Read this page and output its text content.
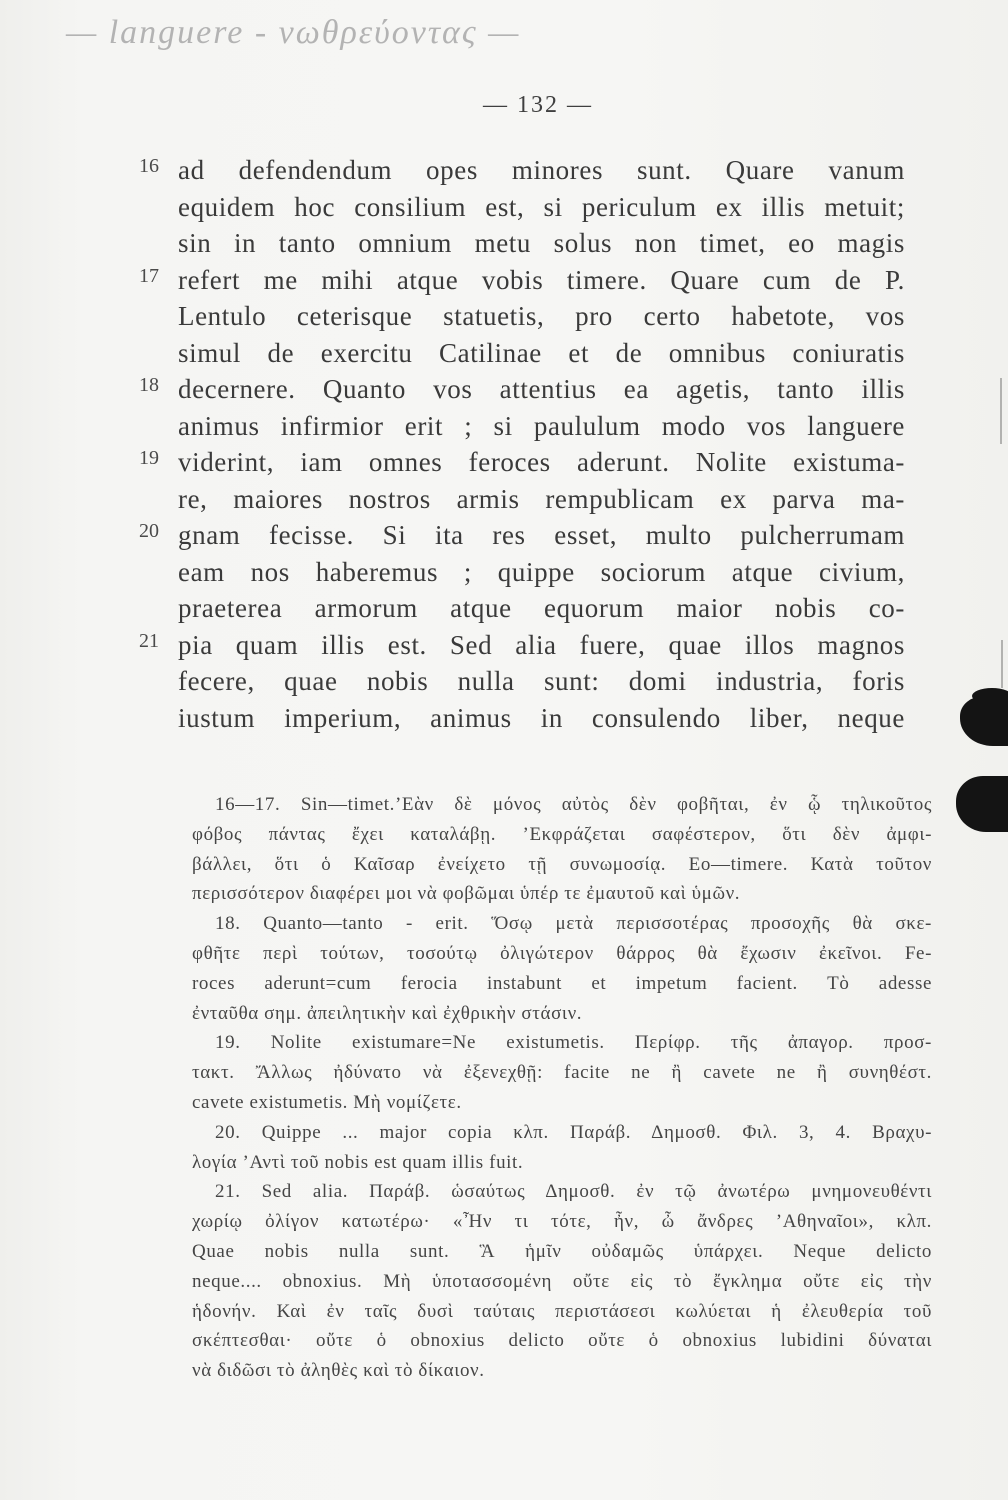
— languere - νωθρεύοντας —
— 132 —
16 ad defendendum opes minores sunt. Quare vanum
equidem hoc consilium est, si periculum ex illis metuit;
sin in tanto omnium metu solus non timet, eo magis
17 refert me mihi atque vobis timere. Quare cum de P.
Lentulo ceterisque statuetis, pro certo habetote, vos
simul de exercitu Catilinae et de omnibus coniuratis
18 decernere. Quanto vos attentius ea agetis, tanto illis
animus infirmior erit ; si paululum modo vos languere
19 viderint, iam omnes feroces aderunt. Nolite existuma-
re, maiores nostros armis rempublicam ex parva ma-
20 gnam fecisse. Si ita res esset, multo pulcherrumam
eam nos haberemus ; quippe sociorum atque civium,
praeterea armorum atque equorum maior nobis co-
21 pia quam illis est. Sed alia fuere, quae illos magnos
fecere, quae nobis nulla sunt: domi industria, foris
iustum imperium, animus in consulendo liber, neque
16—17. Sin—timet.’Εὰν δὲ μόνος αὐτὸς δὲν φοβῆται, ἐν ᾧ τηλικοῦτος
φόβος πάντας ἔχει καταλάβῃ. ’Εκφράζεται σαφέστερον, ὅτι δὲν ἀμφι-
βάλλει, ὅτι ὁ Καῖσαρ ἐνείχετο τῇ συνωμοσίᾳ. Eo—timere. Κατὰ τοῦτον
περισσότερον διαφέρει μοι νὰ φοβῶμαι ὑπέρ τε ἐμαυτοῦ καὶ ὑμῶν.
18. Quanto—tanto - erit. Ὅσῳ μετὰ περισσοτέρας προσοχῆς θὰ σκε-
φθῆτε περὶ τούτων, τοσούτῳ ὀλιγώτερον θάρρος θὰ ἔχωσιν ἐκεῖνοι. Fe-
roces aderunt=cum ferocia instabunt et impetum facient. Τὸ adesse
ἐνταῦθα σημ. ἀπειλητικὴν καὶ ἐχθρικὴν στάσιν.
19. Nolite existumare=Ne existumetis. Περίφρ. τῆς ἀπαγορ. προσ-
τακτ. Ἄλλως ἠδύνατο νὰ ἐξενεχθῇ: facite ne ἢ cavete ne ἢ συνηθέστ.
cavete existumetis. Μὴ νομίζετε.
20. Quippe ... major copia κλπ. Παράβ. Δημοσθ. Φιλ. 3, 4. Βραχυ-
λογία ’Αντὶ τοῦ nobis est quam illis fuit.
21. Sed alia. Παράβ. ὡσαύτως Δημοσθ. ἐν τῷ ἀνωτέρω μνημονευθέντι
χωρίῳ ὀλίγον κατωτέρω· «Ἦν τι τότε, ἦν, ὦ ἄνδρες ’Αθηναῖοι», κλπ.
Quae nobis nulla sunt. Ἃ ἡμῖν οὐδαμῶς ὑπάρχει. Neque delicto
neque.... obnoxius. Μὴ ὑποτασσομένη οὔτε εἰς τὸ ἔγκλημα οὔτε εἰς τὴν
ἡδονήν. Καὶ ἐν ταῖς δυσὶ ταύταις περιστάσεσι κωλύεται ἡ ἐλευθερία τοῦ
σκέπτεσθαι· οὔτε ὁ obnoxius delicto οὔτε ὁ obnoxius lubidini δύναται
νὰ διδῶσι τὸ ἀληθὲς καὶ τὸ δίκαιον.
